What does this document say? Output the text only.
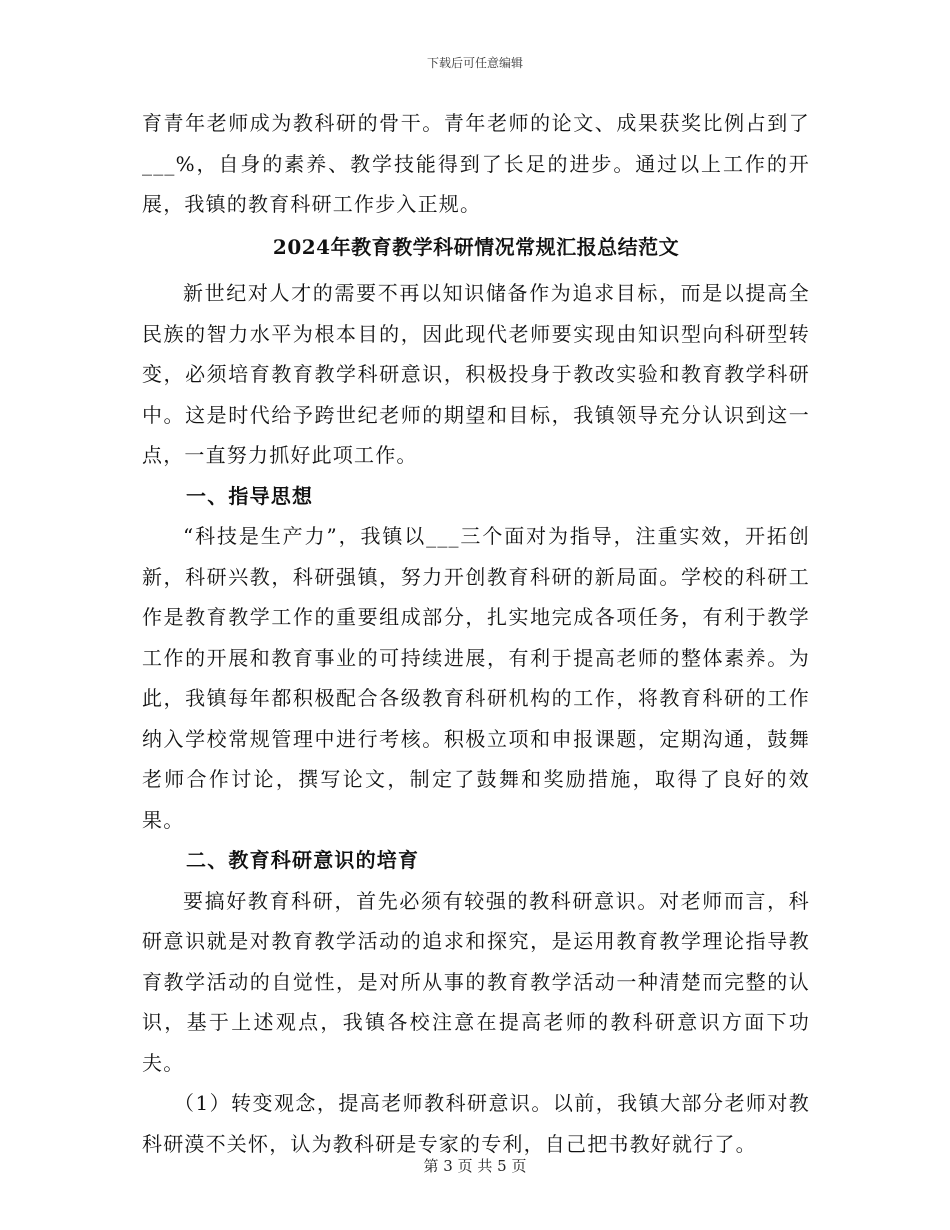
下载后可任意编辑

育青年老师成为教科研的骨干。青年老师的论文、成果获奖比例占到了___%，自身的素养、教学技能得到了长足的进步。通过以上工作的开展，我镇的教育科研工作步入正规。

2024年教育教学科研情况常规汇报总结范文

新世纪对人才的需要不再以知识储备作为追求目标，而是以提高全民族的智力水平为根本目的，因此现代老师要实现由知识型向科研型转变，必须培育教育教学科研意识，积极投身于教改实验和教育教学科研中。这是时代给予跨世纪老师的期望和目标，我镇领导充分认识到这一点，一直努力抓好此项工作。

一、指导思想

“科技是生产力”，我镇以___三个面对为指导，注重实效，开拓创新，科研兴教，科研强镇，努力开创教育科研的新局面。学校的科研工作是教育教学工作的重要组成部分，扎实地完成各项任务，有利于教学工作的开展和教育事业的可持续进展，有利于提高老师的整体素养。为此，我镇每年都积极配合各级教育科研机构的工作，将教育科研的工作纳入学校常规管理中进行考核。积极立项和申报课题，定期沟通，鼓舞老师合作讨论，撰写论文，制定了鼓舞和奖励措施，取得了良好的效果。

二、教育科研意识的培育

要搞好教育科研，首先必须有较强的教科研意识。对老师而言，科研意识就是对教育教学活动的追求和探究，是运用教育教学理论指导教育教学活动的自觉性，是对所从事的教育教学活动一种清楚而完整的认识，基于上述观点，我镇各校注意在提高老师的教科研意识方面下功夫。

（1）转变观念，提高老师教科研意识。以前，我镇大部分老师对教科研漠不关怀，认为教科研是专家的专利，自己把书教好就行了。

第 3 页 共 5 页
